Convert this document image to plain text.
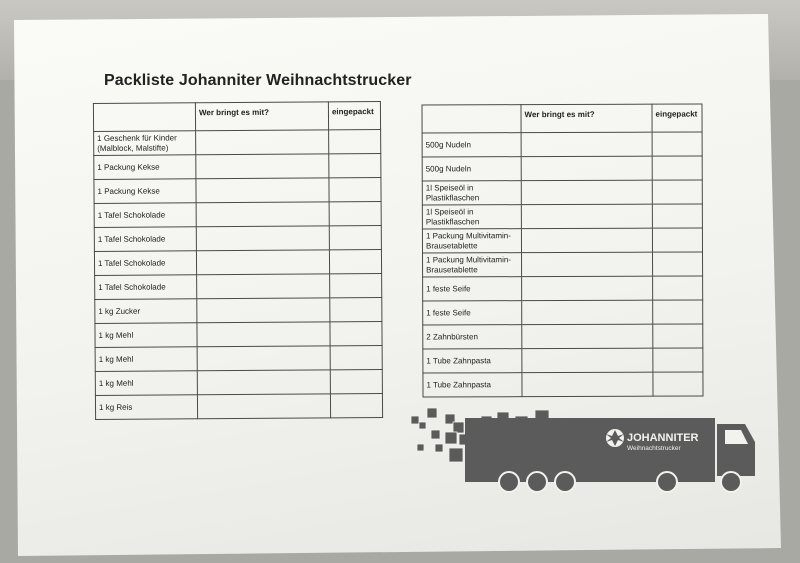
Packliste Johanniter Weihnachtstrucker
	Wer bringt es mit?	eingepackt
1 Geschenk für Kinder (Malblock, Malstifte)		
1 Packung Kekse		
1 Packung Kekse		
1 Tafel Schokolade		
1 Tafel Schokolade		
1 Tafel Schokolade		
1 Tafel Schokolade		
1 kg Zucker		
1 kg Mehl		
1 kg Mehl		
1 kg Mehl		
1 kg Reis		
	Wer bringt es mit?	eingepackt
500g Nudeln		
500g Nudeln		
1l Speiseöl in Plastikflaschen		
1l Speiseöl in Plastikflaschen		
1 Packung Multivitamin-Brausetablette		
1 Packung Multivitamin-Brausetablette		
1 feste Seife		
1 feste Seife		
2 Zahnbürsten		
1 Tube Zahnpasta		
1 Tube Zahnpasta		
JOHANNITER
Weihnachtstrucker
